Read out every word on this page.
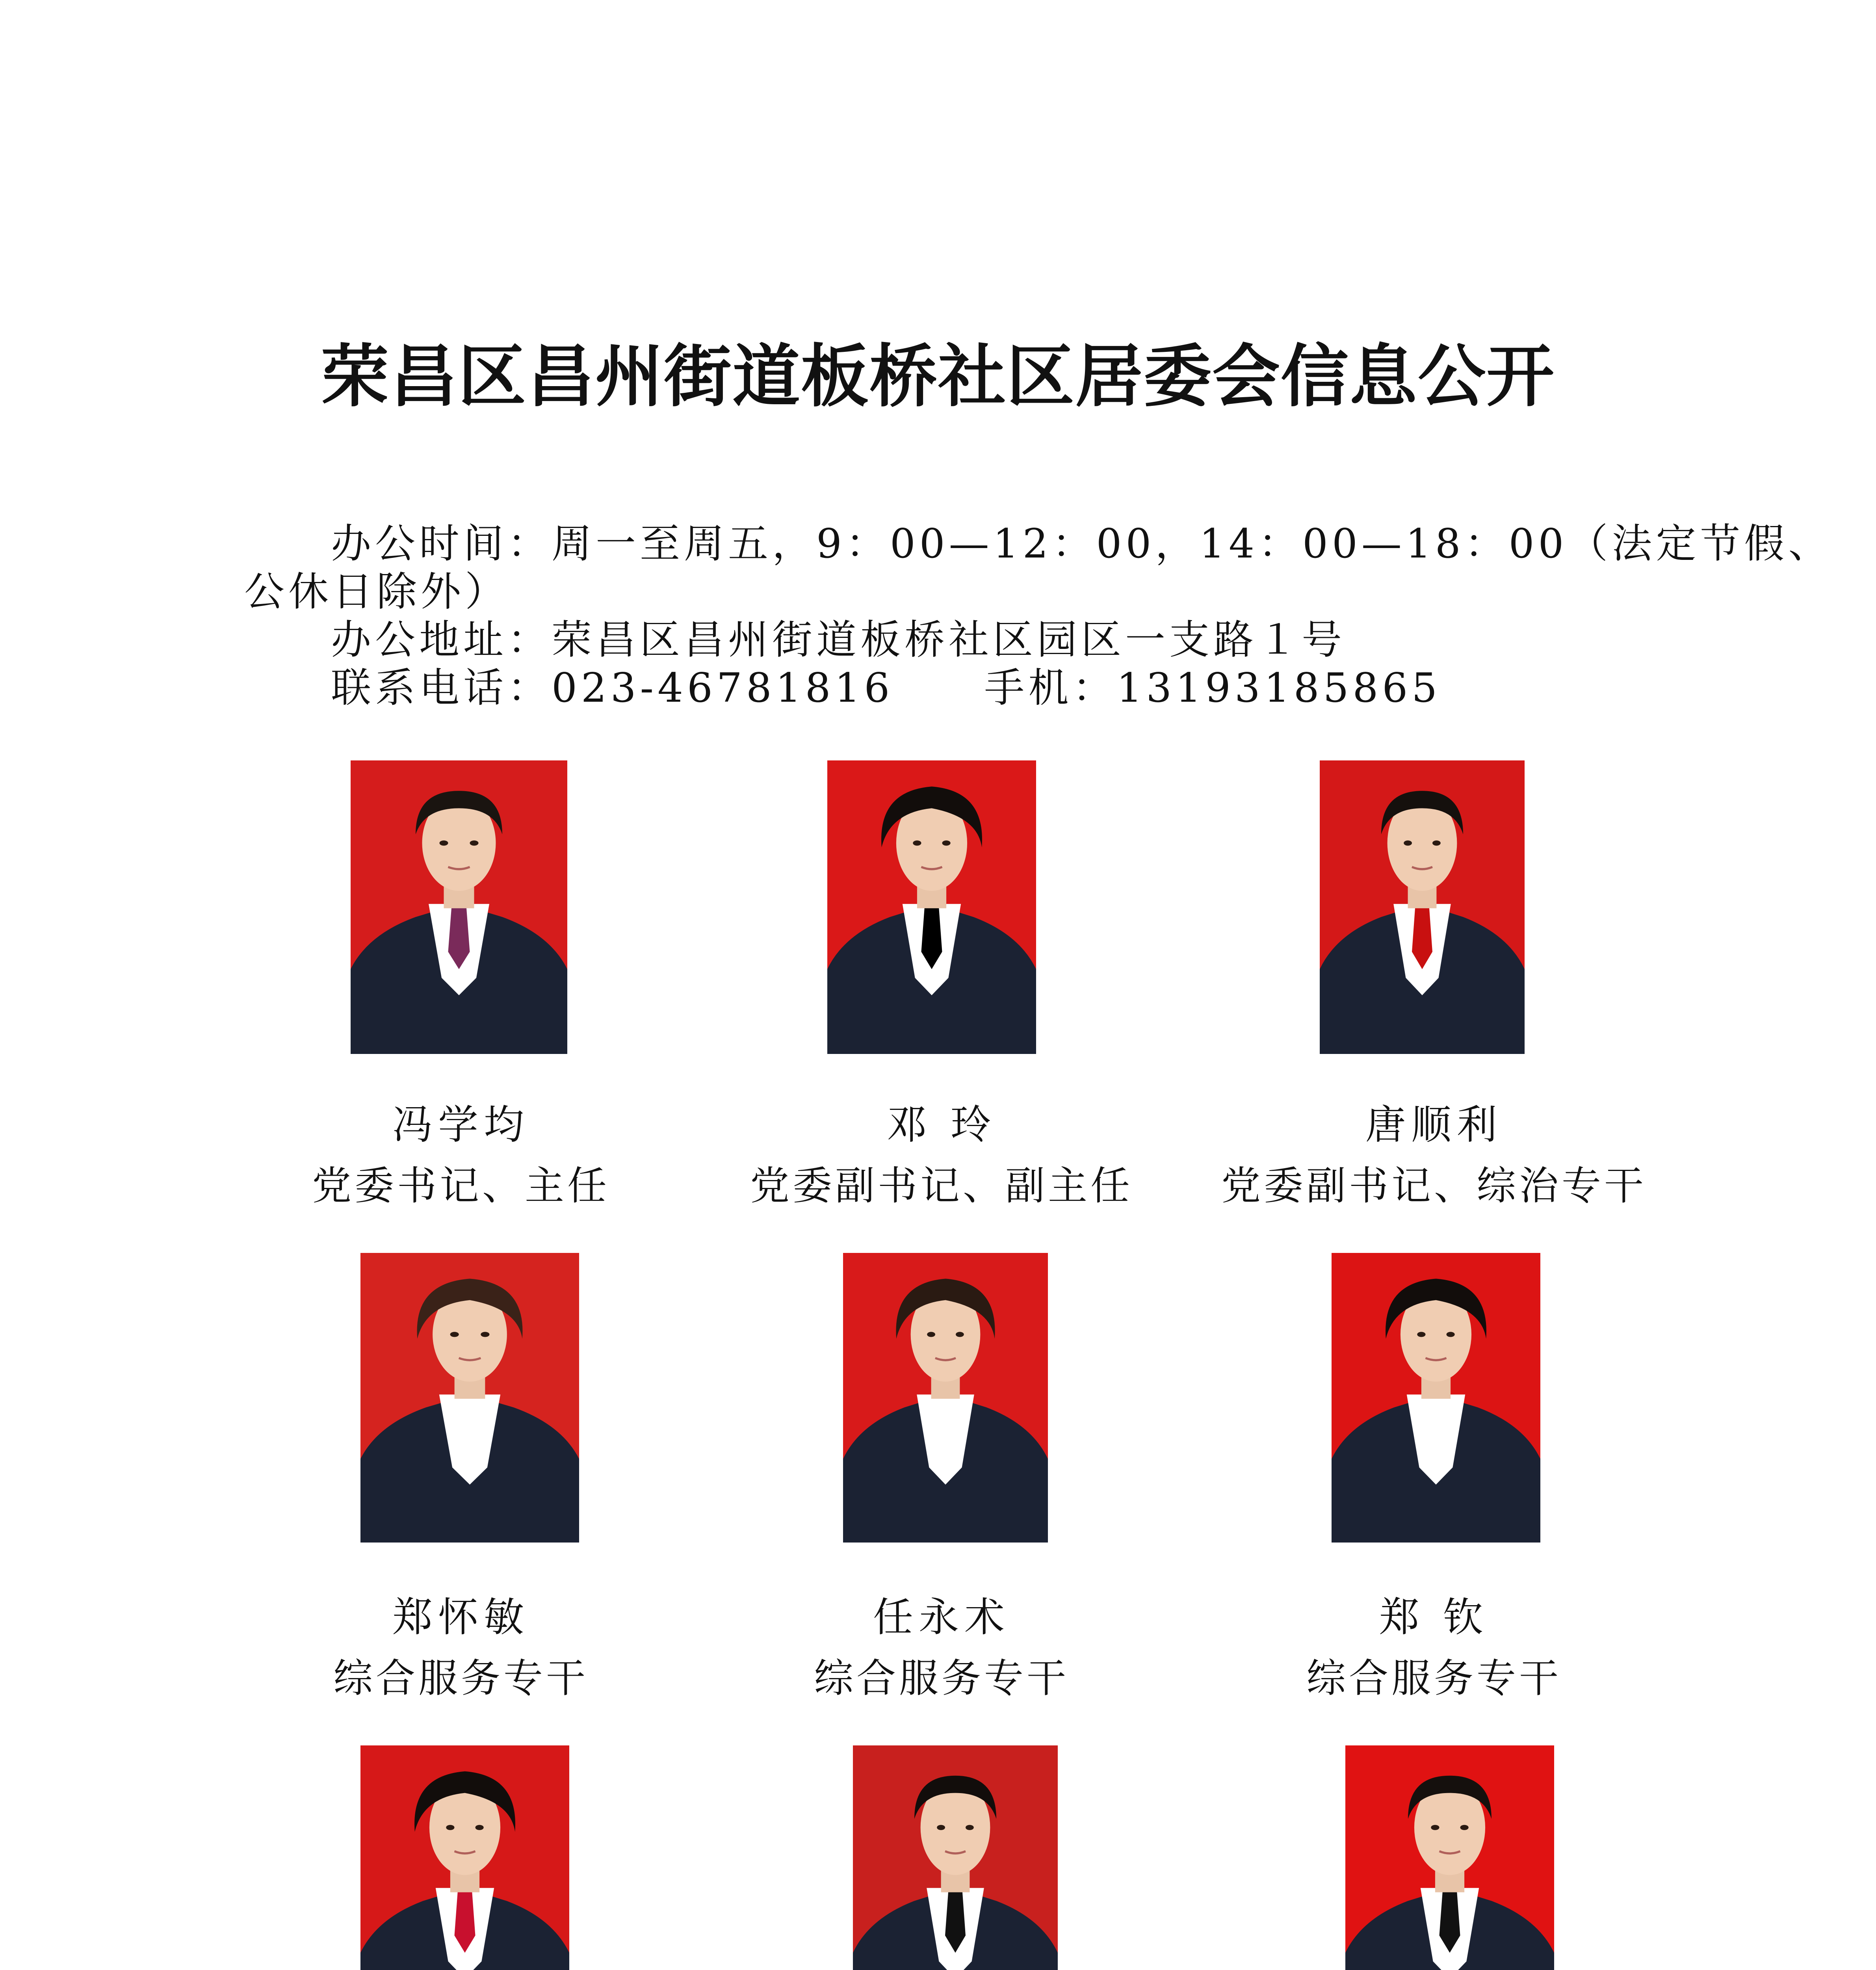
荣昌区昌州街道板桥社区居委会信息公开
办公时间：周一至周五，9：00—12：00，14：00—18：00（法定节假、
公休日除外）
办公地址：荣昌区昌州街道板桥社区园区一支路１号
联系电话：023-46781816 手机：13193185865
冯学均
党委书记、主任
邓 玲
党委副书记、副主任
唐顺利
党委副书记、综治专干
郑怀敏
综合服务专干
任永术
综合服务专干
郑 钦
综合服务专干
